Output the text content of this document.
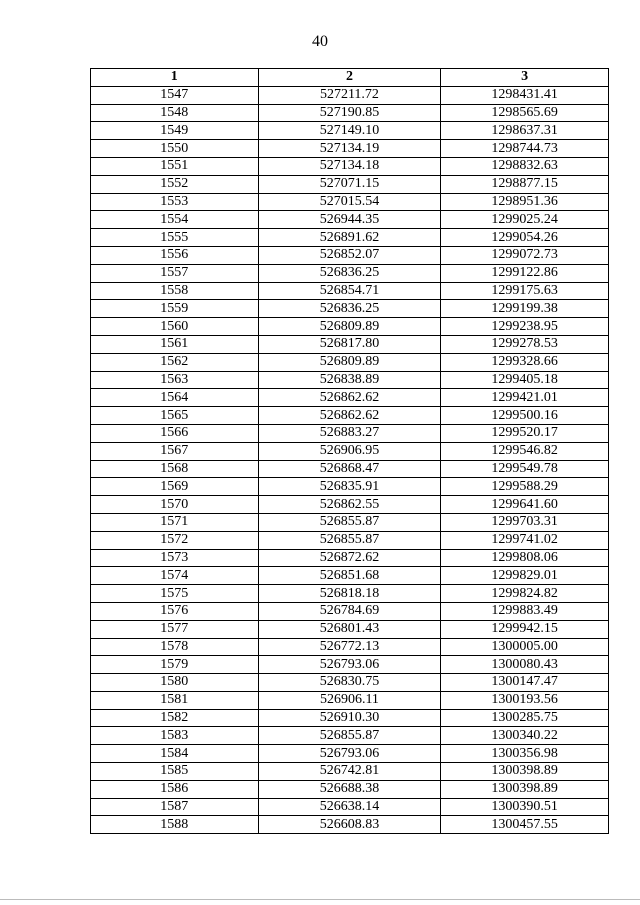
40
1	2	3
1547	527211.72	1298431.41
1548	527190.85	1298565.69
1549	527149.10	1298637.31
1550	527134.19	1298744.73
1551	527134.18	1298832.63
1552	527071.15	1298877.15
1553	527015.54	1298951.36
1554	526944.35	1299025.24
1555	526891.62	1299054.26
1556	526852.07	1299072.73
1557	526836.25	1299122.86
1558	526854.71	1299175.63
1559	526836.25	1299199.38
1560	526809.89	1299238.95
1561	526817.80	1299278.53
1562	526809.89	1299328.66
1563	526838.89	1299405.18
1564	526862.62	1299421.01
1565	526862.62	1299500.16
1566	526883.27	1299520.17
1567	526906.95	1299546.82
1568	526868.47	1299549.78
1569	526835.91	1299588.29
1570	526862.55	1299641.60
1571	526855.87	1299703.31
1572	526855.87	1299741.02
1573	526872.62	1299808.06
1574	526851.68	1299829.01
1575	526818.18	1299824.82
1576	526784.69	1299883.49
1577	526801.43	1299942.15
1578	526772.13	1300005.00
1579	526793.06	1300080.43
1580	526830.75	1300147.47
1581	526906.11	1300193.56
1582	526910.30	1300285.75
1583	526855.87	1300340.22
1584	526793.06	1300356.98
1585	526742.81	1300398.89
1586	526688.38	1300398.89
1587	526638.14	1300390.51
1588	526608.83	1300457.55
